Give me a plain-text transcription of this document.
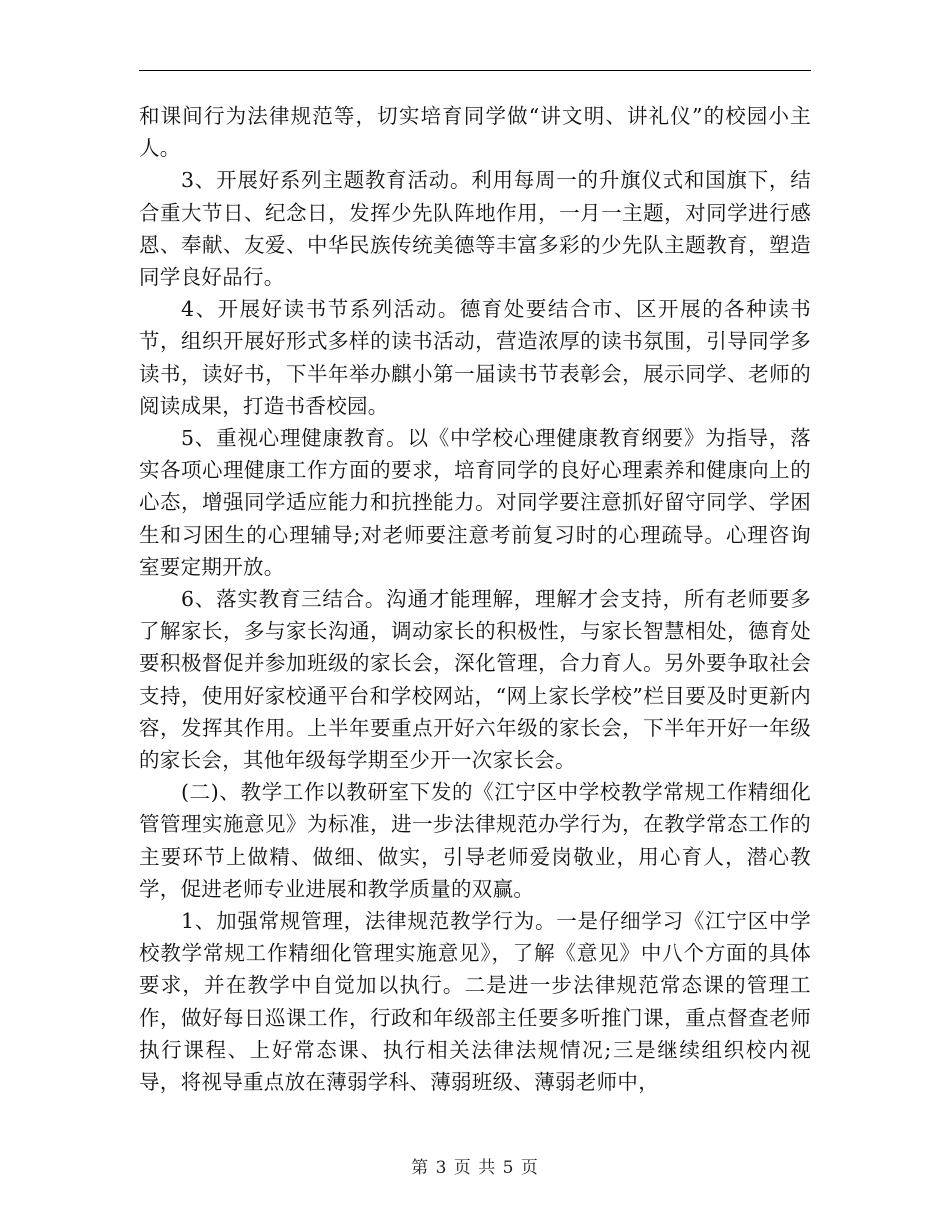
和课间行为法律规范等，切实培育同学做“讲文明、讲礼仪”的校园小主人。

3、开展好系列主题教育活动。利用每周一的升旗仪式和国旗下，结合重大节日、纪念日，发挥少先队阵地作用，一月一主题，对同学进行感恩、奉献、友爱、中华民族传统美德等丰富多彩的少先队主题教育，塑造同学良好品行。

4、开展好读书节系列活动。德育处要结合市、区开展的各种读书节，组织开展好形式多样的读书活动，营造浓厚的读书氛围，引导同学多读书，读好书，下半年举办麒小第一届读书节表彰会，展示同学、老师的阅读成果，打造书香校园。

5、重视心理健康教育。以《中学校心理健康教育纲要》为指导，落实各项心理健康工作方面的要求，培育同学的良好心理素养和健康向上的心态，增强同学适应能力和抗挫能力。对同学要注意抓好留守同学、学困生和习困生的心理辅导;对老师要注意考前复习时的心理疏导。心理咨询室要定期开放。

6、落实教育三结合。沟通才能理解，理解才会支持，所有老师要多了解家长，多与家长沟通，调动家长的积极性，与家长智慧相处，德育处要积极督促并参加班级的家长会，深化管理，合力育人。另外要争取社会支持，使用好家校通平台和学校网站，“网上家长学校”栏目要及时更新内容，发挥其作用。上半年要重点开好六年级的家长会，下半年开好一年级的家长会，其他年级每学期至少开一次家长会。

(二)、教学工作以教研室下发的《江宁区中学校教学常规工作精细化管管理实施意见》为标准，进一步法律规范办学行为，在教学常态工作的主要环节上做精、做细、做实，引导老师爱岗敬业，用心育人，潜心教学，促进老师专业进展和教学质量的双赢。

1、加强常规管理，法律规范教学行为。一是仔细学习《江宁区中学校教学常规工作精细化管理实施意见》，了解《意见》中八个方面的具体要求，并在教学中自觉加以执行。二是进一步法律规范常态课的管理工作，做好每日巡课工作，行政和年级部主任要多听推门课，重点督查老师执行课程、上好常态课、执行相关法律法规情况;三是继续组织校内视导，将视导重点放在薄弱学科、薄弱班级、薄弱老师中，

第 3 页 共 5 页
